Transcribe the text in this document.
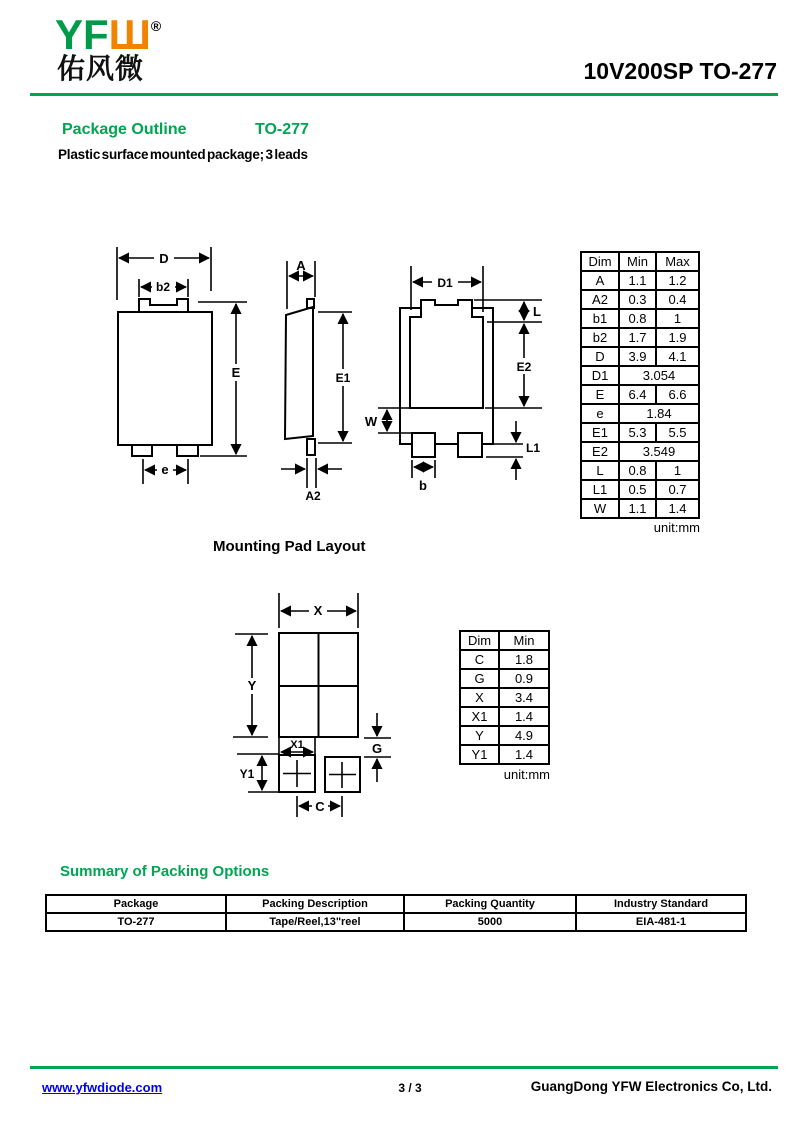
YFШ®
佑风微	10V200SP TO-277
Package Outline	TO-277
Plastic surface mounted package; 3 leads
D
b2
E
e
A
E1
A2
D1
L
E2
W
L1
b
Dim	Min	Max
A	1.1	1.2
A2	0.3	0.4
b1	0.8	1
b2	1.7	1.9
D	3.9	4.1
D1	3.054	
E	6.4	6.6
e	1.84	
E1	5.3	5.5
E2	3.549	
L	0.8	1
L1	0.5	0.7
W	1.1	1.4
unit:mm
Mounting Pad Layout
X
Y
X1
Y1
G
C
Dim	Min
C	1.8
G	0.9
X	3.4
X1	1.4
Y	4.9
Y1	1.4
unit:mm
Summary of Packing Options
Package	Packing Description	Packing Quantity	Industry Standard
TO-277	Tape/Reel,13"reel	5000	EIA-481-1
www.yfwdiode.com	3 / 3	GuangDong YFW Electronics Co, Ltd.
